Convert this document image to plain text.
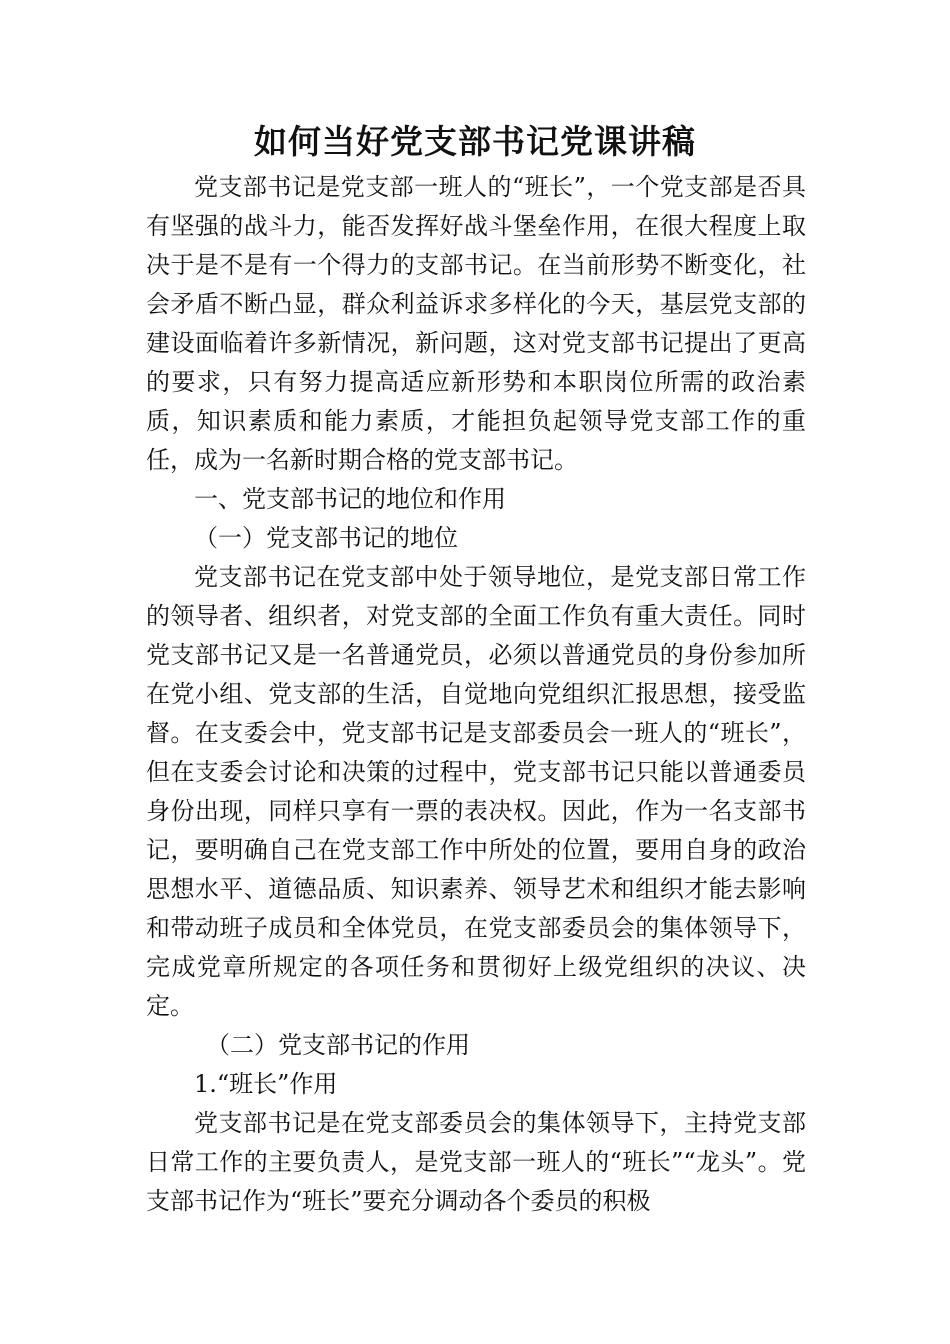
如何当好党支部书记党课讲稿

党支部书记是党支部一班人的“班长”，一个党支部是否具有坚强的战斗力，能否发挥好战斗堡垒作用，在很大程度上取决于是不是有一个得力的支部书记。在当前形势不断变化，社会矛盾不断凸显，群众利益诉求多样化的今天，基层党支部的建设面临着许多新情况，新问题，这对党支部书记提出了更高的要求，只有努力提高适应新形势和本职岗位所需的政治素质，知识素质和能力素质，才能担负起领导党支部工作的重任，成为一名新时期合格的党支部书记。

一、党支部书记的地位和作用

（一）党支部书记的地位

党支部书记在党支部中处于领导地位，是党支部日常工作的领导者、组织者，对党支部的全面工作负有重大责任。同时党支部书记又是一名普通党员，必须以普通党员的身份参加所在党小组、党支部的生活，自觉地向党组织汇报思想，接受监督。在支委会中，党支部书记是支部委员会一班人的“班长”，但在支委会讨论和决策的过程中，党支部书记只能以普通委员身份出现，同样只享有一票的表决权。因此，作为一名支部书记，要明确自己在党支部工作中所处的位置，要用自身的政治思想水平、道德品质、知识素养、领导艺术和组织才能去影响和带动班子成员和全体党员，在党支部委员会的集体领导下，完成党章所规定的各项任务和贯彻好上级党组织的决议、决定。

（二）党支部书记的作用

1.“班长”作用

党支部书记是在党支部委员会的集体领导下，主持党支部日常工作的主要负责人，是党支部一班人的“班长”“龙头”。党支部书记作为“班长”要充分调动各个委员的积极
